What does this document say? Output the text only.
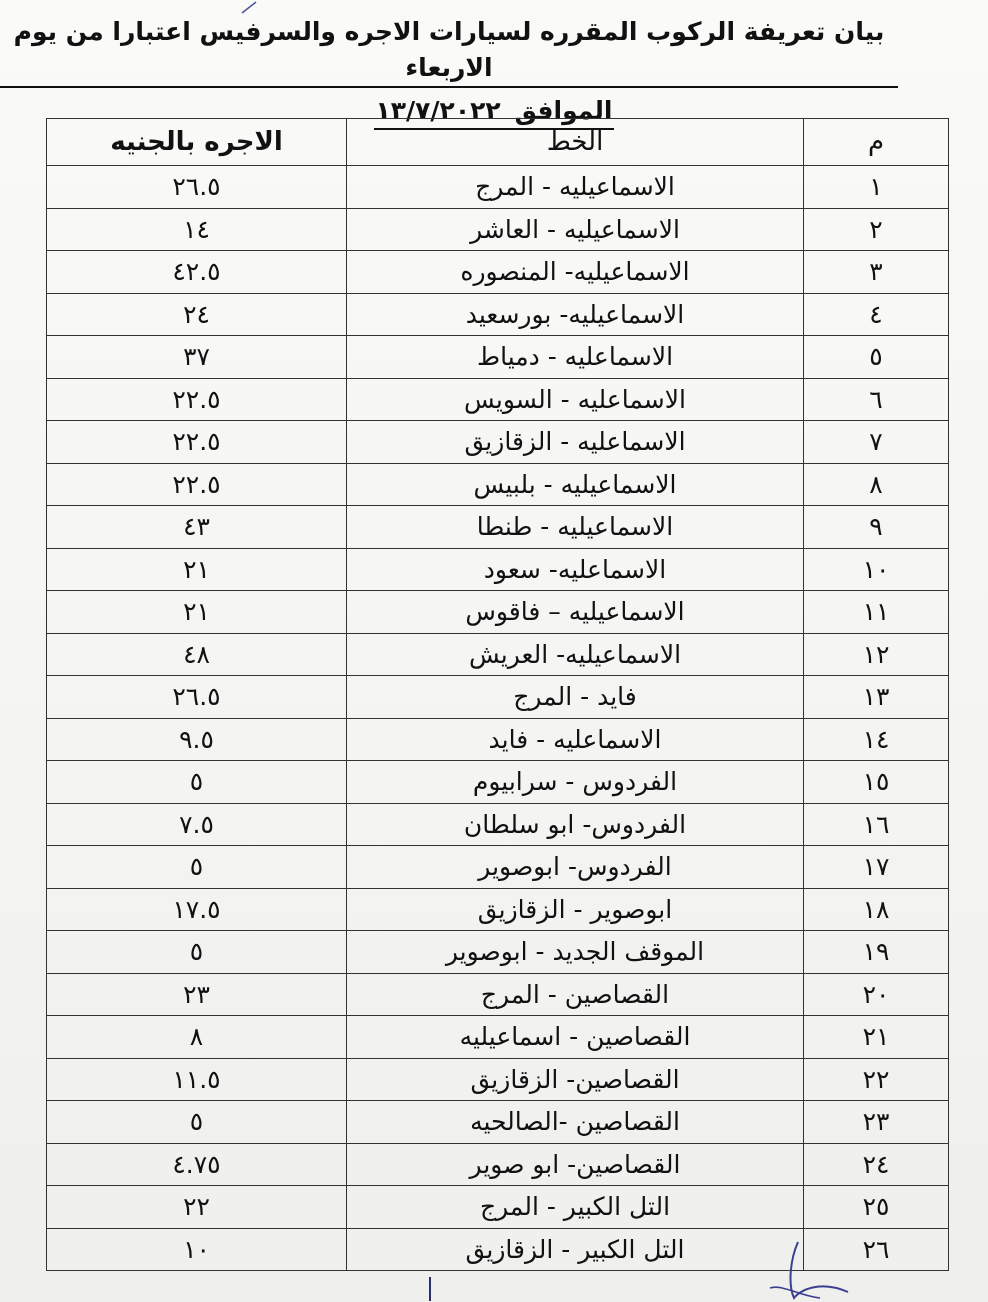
بيان تعريفة الركوب المقرره لسيارات الاجره والسرفيس اعتبارا من يوم الاربعاء
الموافق١٣/٧/٢٠٢٢
م	الخط	الاجره بالجنيه
١	الاسماعيليه - المرج	٢٦.٥
٢	الاسماعيليه - العاشر	١٤
٣	الاسماعيليه- المنصوره	٤٢.٥
٤	الاسماعيليه- بورسعيد	٢٤
٥	الاسماعليه - دمياط	٣٧
٦	الاسماعليه - السويس	٢٢.٥
٧	الاسماعليه - الزقازيق	٢٢.٥
٨	الاسماعيليه - بلبيس	٢٢.٥
٩	الاسماعيليه - طنطا	٤٣
١٠	الاسماعليه- سعود	٢١
١١	الاسماعيليه – فاقوس	٢١
١٢	الاسماعيليه- العريش	٤٨
١٣	فايد - المرج	٢٦.٥
١٤	الاسماعليه - فايد	٩.٥
١٥	الفردوس - سرابيوم	٥
١٦	الفردوس- ابو سلطان	٧.٥
١٧	الفردوس- ابوصوير	٥
١٨	ابوصوير - الزقازيق	١٧.٥
١٩	الموقف الجديد - ابوصوير	٥
٢٠	القصاصين - المرج	٢٣
٢١	القصاصين - اسماعيليه	٨
٢٢	القصاصين- الزقازيق	١١.٥
٢٣	القصاصين -الصالحيه	٥
٢٤	القصاصين- ابو صوير	٤.٧٥
٢٥	التل الكبير - المرج	٢٢
٢٦	التل الكبير - الزقازيق	١٠
